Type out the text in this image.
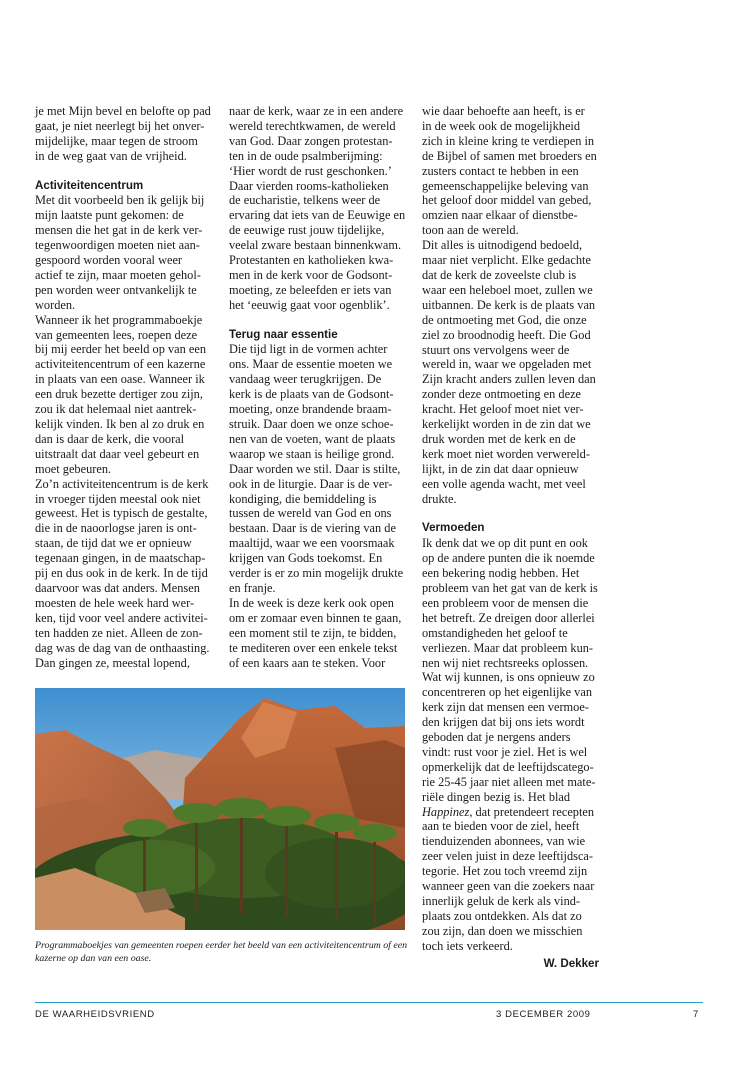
je met Mijn bevel en belofte op pad
gaat, je niet neerlegt bij het onver-
mijdelijke, maar tegen de stroom
in de weg gaat van de vrijheid.

Activiteitencentrum

Met dit voorbeeld ben ik gelijk bij
mijn laatste punt gekomen: de
mensen die het gat in de kerk ver-
tegenwoordigen moeten niet aan-
gespoord worden vooral weer
actief te zijn, maar moeten gehol-
pen worden weer ontvankelijk te
worden.

Wanneer ik het programmaboekje
van gemeenten lees, roepen deze
bij mij eerder het beeld op van een
activiteitencentrum of een kazerne
in plaats van een oase. Wanneer ik
een druk bezette dertiger zou zijn,
zou ik dat helemaal niet aantrek-
kelijk vinden. Ik ben al zo druk en
dan is daar de kerk, die vooral
uitstraalt dat daar veel gebeurt en
moet gebeuren.

Zo’n activiteitencentrum is de kerk
in vroeger tijden meestal ook niet
geweest. Het is typisch de gestalte,
die in de naoorlogse jaren is ont-
staan, de tijd dat we er opnieuw
tegenaan gingen, in de maatschap-
pij en dus ook in de kerk. In de tijd
daarvoor was dat anders. Mensen
moesten de hele week hard wer-
ken, tijd voor veel andere activitei-
ten hadden ze niet. Alleen de zon-
dag was de dag van de onthaasting.
Dan gingen ze, meestal lopend,

naar de kerk, waar ze in een andere
wereld terechtkwamen, de wereld
van God. Daar zongen protestan-
ten in de oude psalmberijming:
‘Hier wordt de rust geschonken.’
Daar vierden rooms-katholieken
de eucharistie, telkens weer de
ervaring dat iets van de Eeuwige en
de eeuwige rust jouw tijdelijke,
veelal zware bestaan binnenkwam.
Protestanten en katholieken kwa-
men in de kerk voor de Godsont-
moeting, ze beleefden er iets van
het ‘eeuwig gaat voor ogenblik’.

Terug naar essentie

Die tijd ligt in de vormen achter
ons. Maar de essentie moeten we
vandaag weer terugkrijgen. De
kerk is de plaats van de Godsont-
moeting, onze brandende braam-
struik. Daar doen we onze schoe-
nen van de voeten, want de plaats
waarop we staan is heilige grond.
Daar worden we stil. Daar is stilte,
ook in de liturgie. Daar is de ver-
kondiging, die bemiddeling is
tussen de wereld van God en ons
bestaan. Daar is de viering van de
maaltijd, waar we een voorsmaak
krijgen van Gods toekomst. En
verder is er zo min mogelijk drukte
en franje.

In de week is deze kerk ook open
om er zomaar even binnen te gaan,
een moment stil te zijn, te bidden,
te mediteren over een enkele tekst
of een kaars aan te steken. Voor

wie daar behoefte aan heeft, is er
in de week ook de mogelijkheid
zich in kleine kring te verdiepen in
de Bijbel of samen met broeders en
zusters contact te hebben in een
gemeenschappelijke beleving van
het geloof door middel van gebed,
omzien naar elkaar of dienstbe-
toon aan de wereld.

Dit alles is uitnodigend bedoeld,
maar niet verplicht. Elke gedachte
dat de kerk de zoveelste club is
waar een heleboel moet, zullen we
uitbannen. De kerk is de plaats van
de ontmoeting met God, die onze
ziel zo broodnodig heeft. Die God
stuurt ons vervolgens weer de
wereld in, waar we opgeladen met
Zijn kracht anders zullen leven dan
zonder deze ontmoeting en deze
kracht. Het geloof moet niet ver-
kerkelijkt worden in de zin dat we
druk worden met de kerk en de
kerk moet niet worden verwereld-
lijkt, in de zin dat daar opnieuw
een volle agenda wacht, met veel
drukte.

Vermoeden

Ik denk dat we op dit punt en ook
op de andere punten die ik noemde
een bekering nodig hebben. Het
probleem van het gat van de kerk is
een probleem voor de mensen die
het betreft. Ze dreigen door allerlei
omstandigheden het geloof te
verliezen. Maar dat probleem kun-
nen wij niet rechtsreeks oplossen.
Wat wij kunnen, is ons opnieuw zo
concentreren op het eigenlijke van
kerk zijn dat mensen een vermoe-
den krijgen dat bij ons iets wordt
geboden dat je nergens anders
vindt: rust voor je ziel. Het is wel
opmerkelijk dat de leeftijdscatego-
rie 25-45 jaar niet alleen met mate-
riële dingen bezig is. Het blad Happinez, dat pretendeert recepten
aan te bieden voor de ziel, heeft
tienduizenden abonnees, van wie
zeer velen juist in deze leeftijdsca-
tegorie. Het zou toch vreemd zijn
wanneer geen van die zoekers naar
innerlijk geluk de kerk als vind-
plaats zou ontdekken. Als dat zo
zou zijn, dan doen we misschien
toch iets verkeerd.

W. Dekker
Programmaboekjes van gemeenten roepen eerder het beeld van een activiteitencentrum of een kazerne op dan van een oase.
DE WAARHEIDSVRIEND	3 DECEMBER 2009	7
